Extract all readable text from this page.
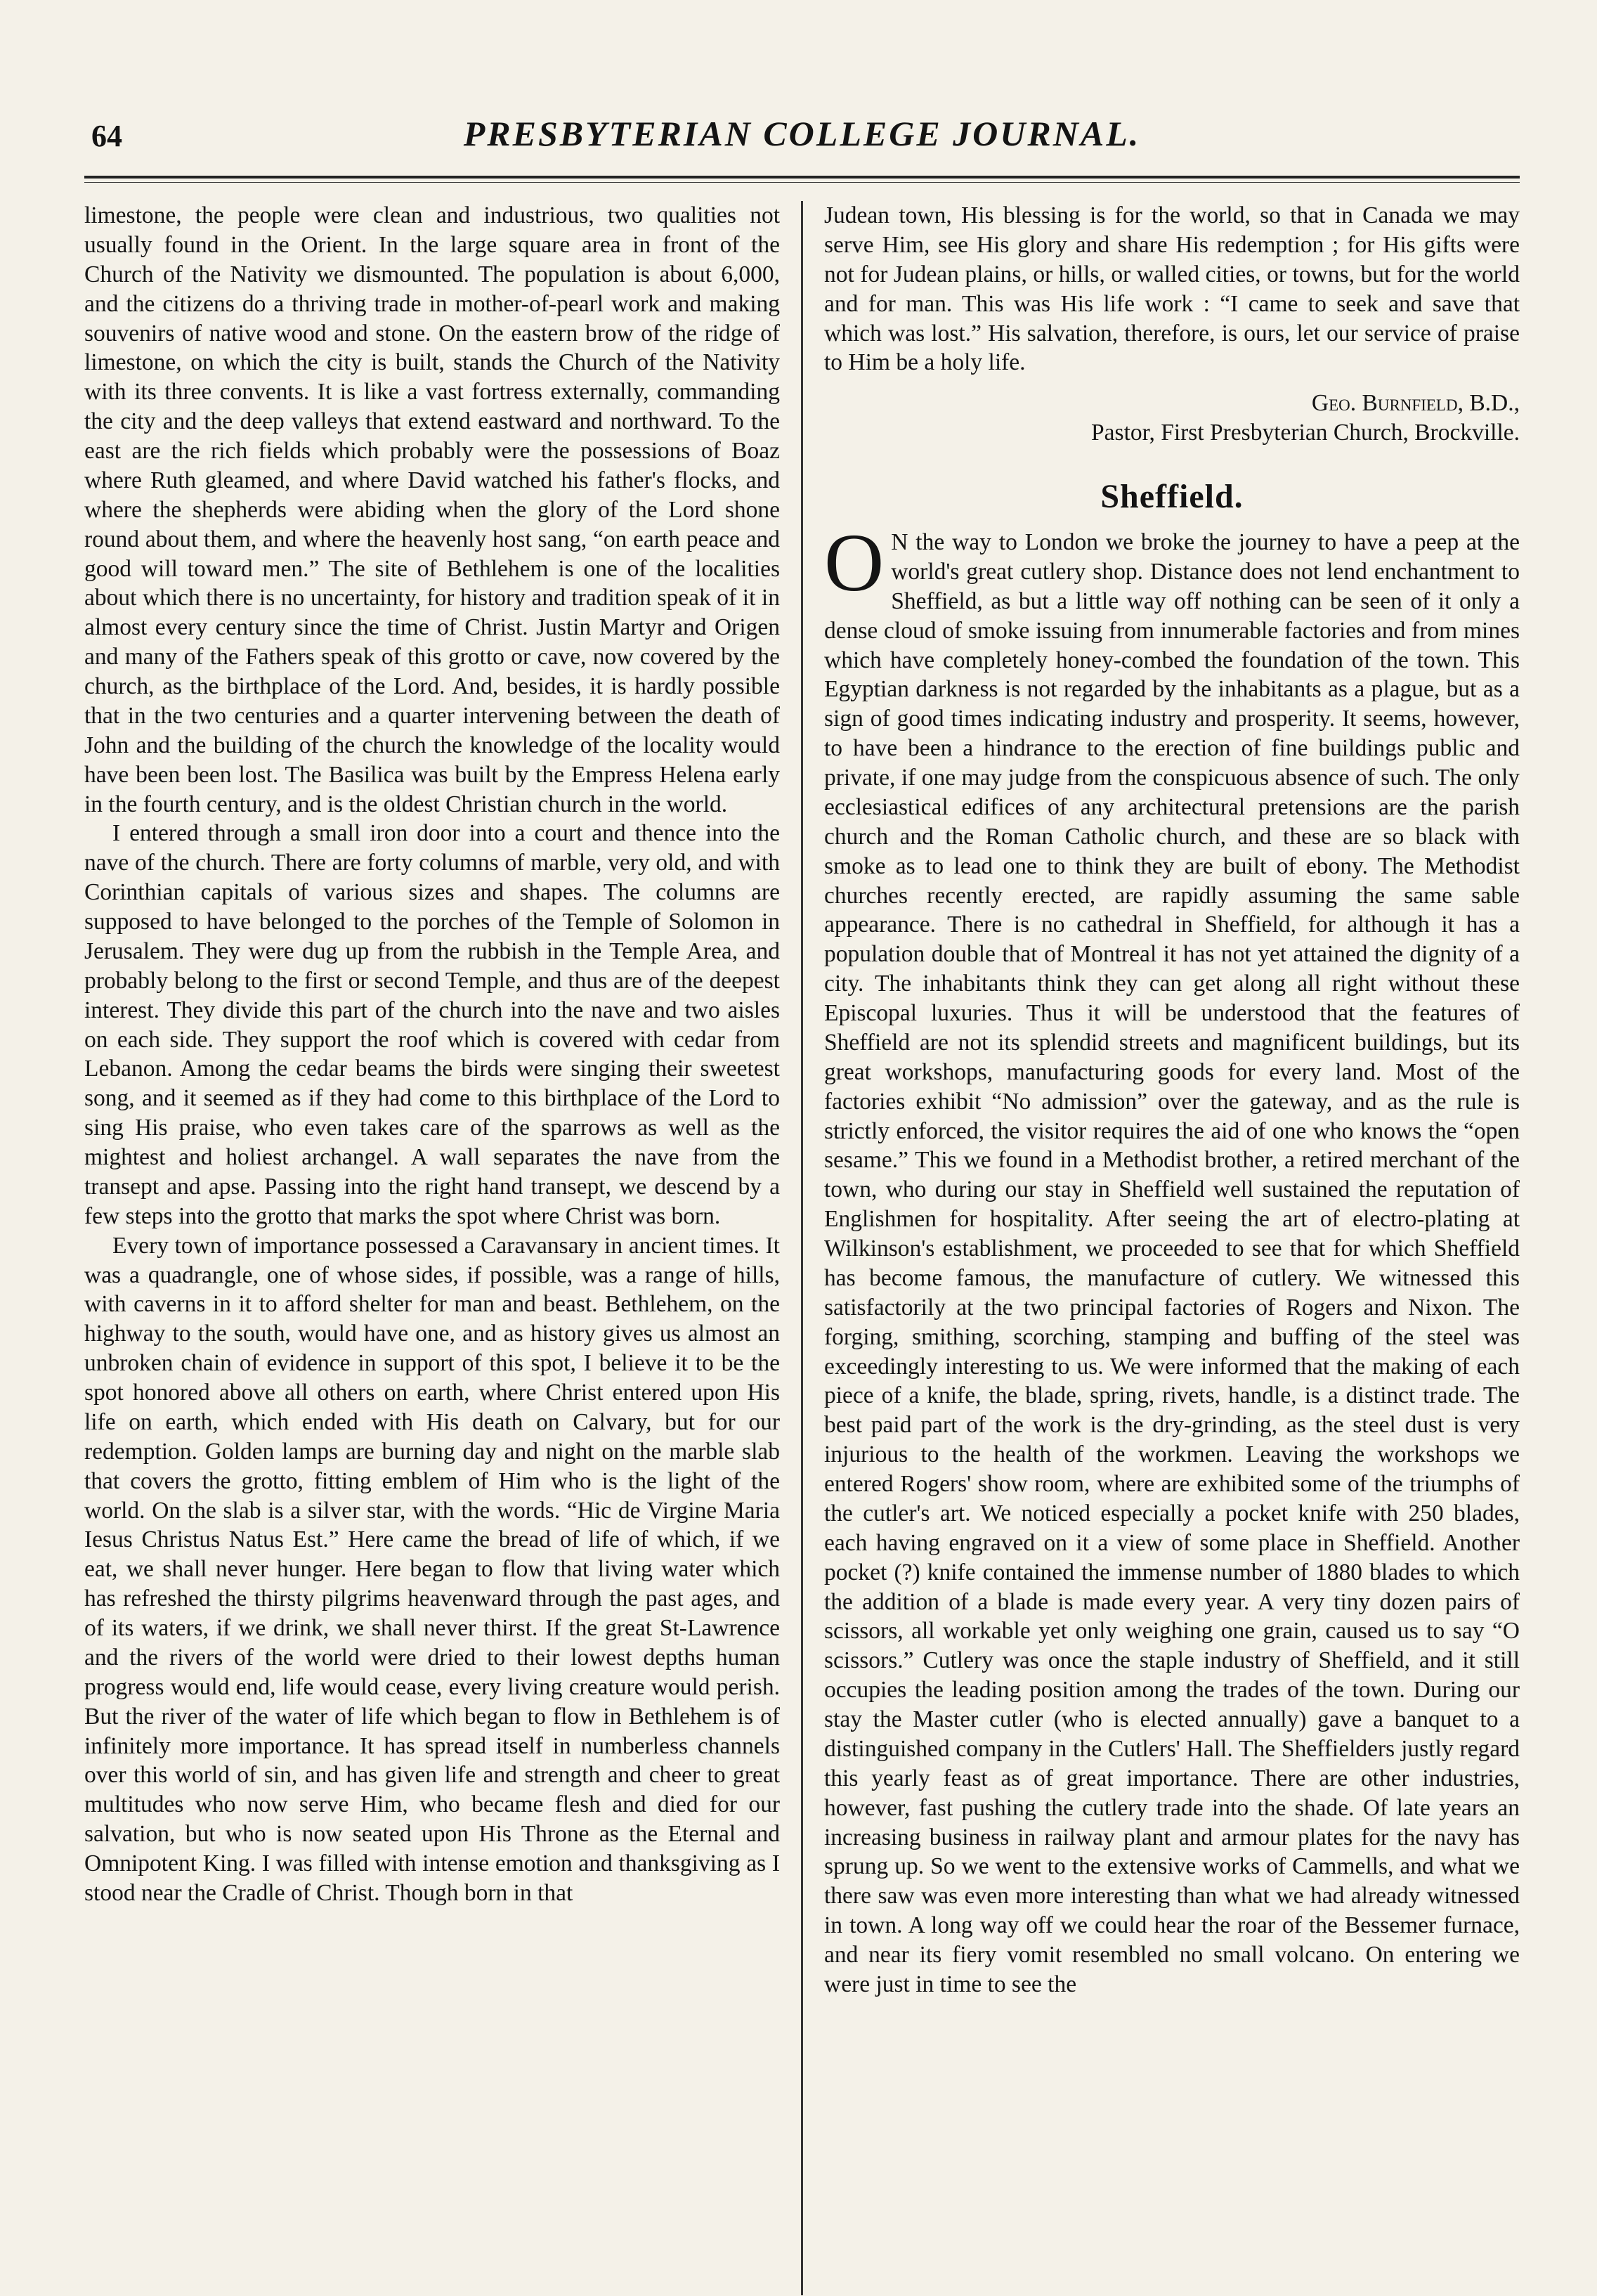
64	PRESBYTERIAN COLLEGE JOURNAL.

limestone, the people were clean and industrious, two qualities not usually found in the Orient. In the large square area in front of the Church of the Nativity we dismounted. The population is about 6,000, and the citizens do a thriving trade in mother-of-pearl work and making souvenirs of native wood and stone. On the eastern brow of the ridge of limestone, on which the city is built, stands the Church of the Nativity with its three convents. It is like a vast fortress externally, commanding the city and the deep valleys that extend eastward and northward. To the east are the rich fields which probably were the possessions of Boaz where Ruth gleamed, and where David watched his father's flocks, and where the shepherds were abiding when the glory of the Lord shone round about them, and where the heavenly host sang, “on earth peace and good will toward men.” The site of Bethlehem is one of the localities about which there is no uncertainty, for history and tradition speak of it in almost every century since the time of Christ. Justin Martyr and Origen and many of the Fathers speak of this grotto or cave, now covered by the church, as the birthplace of the Lord. And, besides, it is hardly possible that in the two centuries and a quarter intervening between the death of John and the building of the church the knowledge of the locality would have been been lost. The Basilica was built by the Empress Helena early in the fourth century, and is the oldest Christian church in the world.

I entered through a small iron door into a court and thence into the nave of the church. There are forty columns of marble, very old, and with Corinthian capitals of various sizes and shapes. The columns are supposed to have belonged to the porches of the Temple of Solomon in Jerusalem. They were dug up from the rubbish in the Temple Area, and probably belong to the first or second Temple, and thus are of the deepest interest. They divide this part of the church into the nave and two aisles on each side. They support the roof which is covered with cedar from Lebanon. Among the cedar beams the birds were singing their sweetest song, and it seemed as if they had come to this birthplace of the Lord to sing His praise, who even takes care of the sparrows as well as the mightest and holiest archangel. A wall separates the nave from the transept and apse. Passing into the right hand transept, we descend by a few steps into the grotto that marks the spot where Christ was born.

Every town of importance possessed a Caravansary in ancient times. It was a quadrangle, one of whose sides, if possible, was a range of hills, with caverns in it to afford shelter for man and beast. Bethlehem, on the highway to the south, would have one, and as history gives us almost an unbroken chain of evidence in support of this spot, I believe it to be the spot honored above all others on earth, where Christ entered upon His life on earth, which ended with His death on Calvary, but for our redemption. Golden lamps are burning day and night on the marble slab that covers the grotto, fitting emblem of Him who is the light of the world. On the slab is a silver star, with the words. “Hic de Virgine Maria Iesus Christus Natus Est.” Here came the bread of life of which, if we eat, we shall never hunger. Here began to flow that living water which has refreshed the thirsty pilgrims heavenward through the past ages, and of its waters, if we drink, we shall never thirst. If the great St-Lawrence and the rivers of the world were dried to their lowest depths human progress would end, life would cease, every living creature would perish. But the river of the water of life which began to flow in Bethlehem is of infinitely more importance. It has spread itself in numberless channels over this world of sin, and has given life and strength and cheer to great multitudes who now serve Him, who became flesh and died for our salvation, but who is now seated upon His Throne as the Eternal and Omnipotent King. I was filled with intense emotion and thanksgiving as I stood near the Cradle of Christ. Though born in that

Judean town, His blessing is for the world, so that in Canada we may serve Him, see His glory and share His redemption ; for His gifts were not for Judean plains, or hills, or walled cities, or towns, but for the world and for man. This was His life work : “I came to seek and save that which was lost.” His salvation, therefore, is ours, let our service of praise to Him be a holy life.

Geo. Burnfield, B.D.,
Pastor, First Presbyterian Church, Brockville.
Sheffield.

O N the way to London we broke the journey to have a peep at the world's great cutlery shop. Distance does not lend enchantment to Sheffield, as but a little way off nothing can be seen of it only a dense cloud of smoke issuing from innumerable factories and from mines which have completely honey-combed the foundation of the town. This Egyptian darkness is not regarded by the inhabitants as a plague, but as a sign of good times indicating industry and prosperity. It seems, however, to have been a hindrance to the erection of fine buildings public and private, if one may judge from the conspicuous absence of such. The only ecclesiastical edifices of any architectural pretensions are the parish church and the Roman Catholic church, and these are so black with smoke as to lead one to think they are built of ebony. The Methodist churches recently erected, are rapidly assuming the same sable appearance. There is no cathedral in Sheffield, for although it has a population double that of Montreal it has not yet attained the dignity of a city. The inhabitants think they can get along all right without these Episcopal luxuries. Thus it will be understood that the features of Sheffield are not its splendid streets and magnificent buildings, but its great workshops, manufacturing goods for every land. Most of the factories exhibit “No admission” over the gateway, and as the rule is strictly enforced, the visitor requires the aid of one who knows the “open sesame.” This we found in a Methodist brother, a retired merchant of the town, who during our stay in Sheffield well sustained the reputation of Englishmen for hospitality. After seeing the art of electro-plating at Wilkinson's establishment, we proceeded to see that for which Sheffield has become famous, the manufacture of cutlery. We witnessed this satisfactorily at the two principal factories of Rogers and Nixon. The forging, smithing, scorching, stamping and buffing of the steel was exceedingly interesting to us. We were informed that the making of each piece of a knife, the blade, spring, rivets, handle, is a distinct trade. The best paid part of the work is the dry-grinding, as the steel dust is very injurious to the health of the workmen. Leaving the workshops we entered Rogers' show room, where are exhibited some of the triumphs of the cutler's art. We noticed especially a pocket knife with 250 blades, each having engraved on it a view of some place in Sheffield. Another pocket (?) knife contained the immense number of 1880 blades to which the addition of a blade is made every year. A very tiny dozen pairs of scissors, all workable yet only weighing one grain, caused us to say “O scissors.” Cutlery was once the staple industry of Sheffield, and it still occupies the leading position among the trades of the town. During our stay the Master cutler (who is elected annually) gave a banquet to a distinguished company in the Cutlers' Hall. The Sheffielders justly regard this yearly feast as of great importance. There are other industries, however, fast pushing the cutlery trade into the shade. Of late years an increasing business in railway plant and armour plates for the navy has sprung up. So we went to the extensive works of Cammells, and what we there saw was even more interesting than what we had already witnessed in town. A long way off we could hear the roar of the Bessemer furnace, and near its fiery vomit resembled no small volcano. On entering we were just in time to see the
